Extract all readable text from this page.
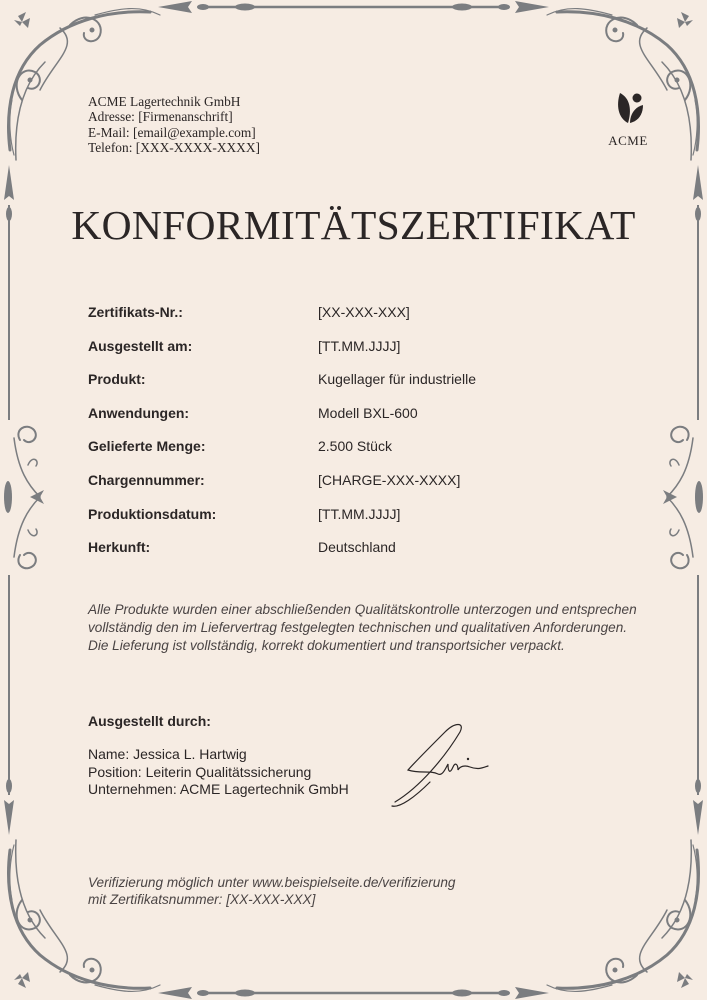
ACME Lagertechnik GmbH
Adresse: [Firmenanschrift]
E-Mail: [email@example.com]
Telefon: [XXX-XXXX-XXXX]	ACME
KONFORMITÄTSZERTIFIKAT
Zertifikats-Nr.:	[XX-XXX-XXX]
Ausgestellt am:	[TT.MM.JJJJ]
Produkt:	Kugellager für industrielle
Anwendungen:	Modell BXL-600
Gelieferte Menge:	2.500 Stück
Chargennummer:	[CHARGE-XXX-XXXX]
Produktionsdatum:	[TT.MM.JJJJ]
Herkunft:	Deutschland
Alle Produkte wurden einer abschließenden Qualitätskontrolle unterzogen und entsprechen
vollständig den im Liefervertrag festgelegten technischen und qualitativen Anforderungen.
Die Lieferung ist vollständig, korrekt dokumentiert und transportsicher verpackt.
Ausgestellt durch:
Name: Jessica L. Hartwig
Position: Leiterin Qualitätssicherung
Unternehmen: ACME Lagertechnik GmbH
Verifizierung möglich unter www.beispielseite.de/verifizierung
mit Zertifikatsnummer: [XX-XXX-XXX]
